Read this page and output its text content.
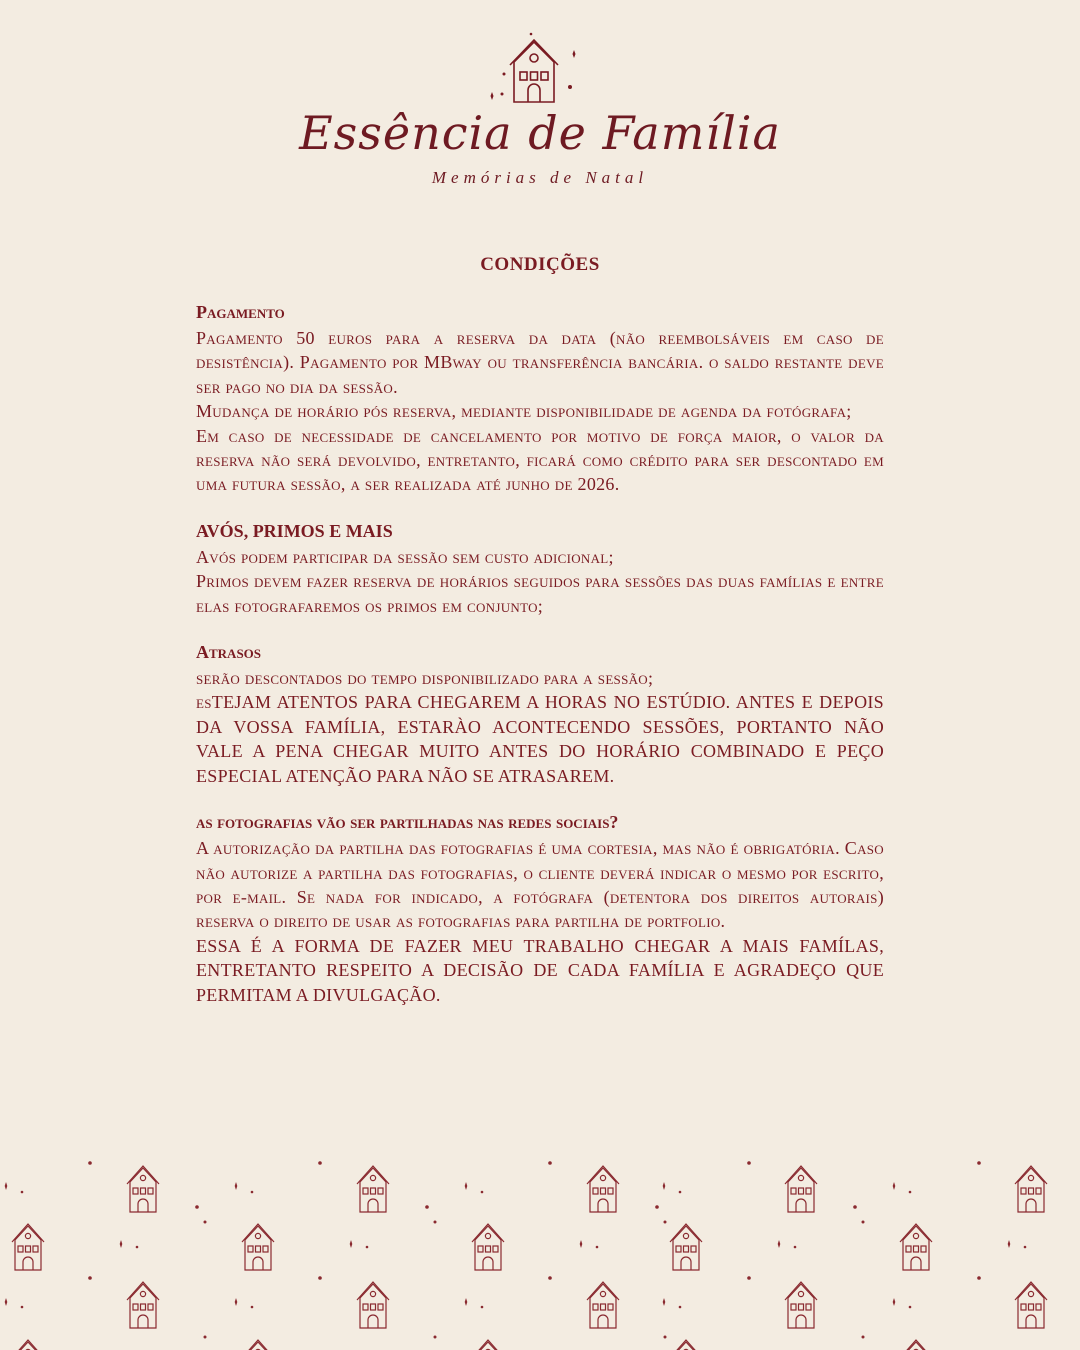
Essência de Família
Memórias de Natal
CONDIÇÕES
Pagamento

Pagamento 50 euros para a reserva da data (não reembolsáveis em caso de desistência). Pagamento por MBway ou transferência bancária. o saldo restante deve ser pago no dia da sessão.

Mudança de horário pós reserva, mediante disponibilidade de agenda da fotógrafa;

Em caso de necessidade de cancelamento por motivo de força maior, o valor da reserva não será devolvido, entretanto, ficará como crédito para ser descontado em uma futura sessão, a ser realizada até junho de 2026.

AVÓS, PRIMOS E MAIS

Avós podem participar da sessão sem custo adicional;

Primos devem fazer reserva de horários seguidos para sessões das duas famílias e entre elas fotografaremos os primos em conjunto;

Atrasos

serão descontados do tempo disponibilizado para a sessão;

esTEJAM ATENTOS PARA CHEGAREM A HORAS NO ESTÚDIO. ANTES E DEPOIS DA VOSSA FAMÍLIA, ESTARÀO ACONTECENDO SESSÕES, PORTANTO NÃO VALE A PENA CHEGAR MUITO ANTES DO HORÁRIO COMBINADO E PEÇO ESPECIAL ATENÇÃO PARA NÃO SE ATRASAREM.

as fotografias vão ser partilhadas nas redes sociais?

A autorização da partilha das fotografias é uma cortesia, mas não é obrigatória. Caso não autorize a partilha das fotografias, o cliente deverá indicar o mesmo por escrito, por e-mail. Se nada for indicado, a fotógrafa (detentora dos direitos autorais) reserva o direito de usar as fotografias para partilha de portfolio.

ESSA É A FORMA DE FAZER MEU TRABALHO CHEGAR A MAIS FAMÍLAS, ENTRETANTO RESPEITO A DECISÃO DE CADA FAMÍLIA E AGRADEÇO QUE PERMITAM A DIVULGAÇÃO.
